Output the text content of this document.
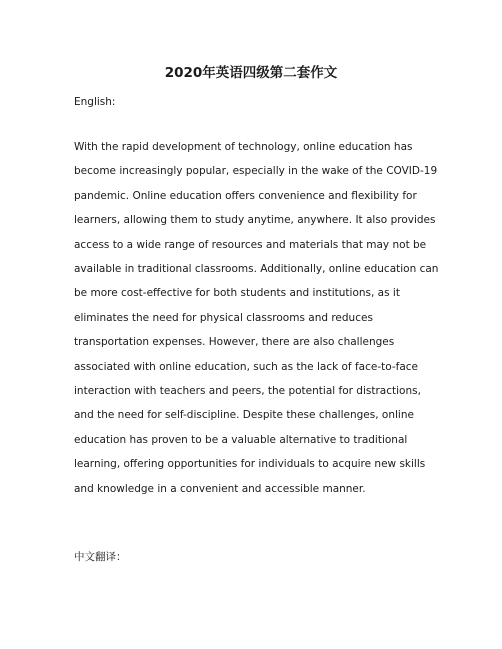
2020年英语四级第二套作文

English:

With the rapid development of technology, online education has become increasingly popular, especially in the wake of the COVID-19 pandemic. Online education offers convenience and flexibility for learners, allowing them to study anytime, anywhere. It also provides access to a wide range of resources and materials that may not be available in traditional classrooms. Additionally, online education can be more cost-effective for both students and institutions, as it eliminates the need for physical classrooms and reduces transportation expenses. However, there are also challenges associated with online education, such as the lack of face-to-face interaction with teachers and peers, the potential for distractions, and the need for self-discipline. Despite these challenges, online education has proven to be a valuable alternative to traditional learning, offering opportunities for individuals to acquire new skills and knowledge in a convenient and accessible manner.

中文翻译：
